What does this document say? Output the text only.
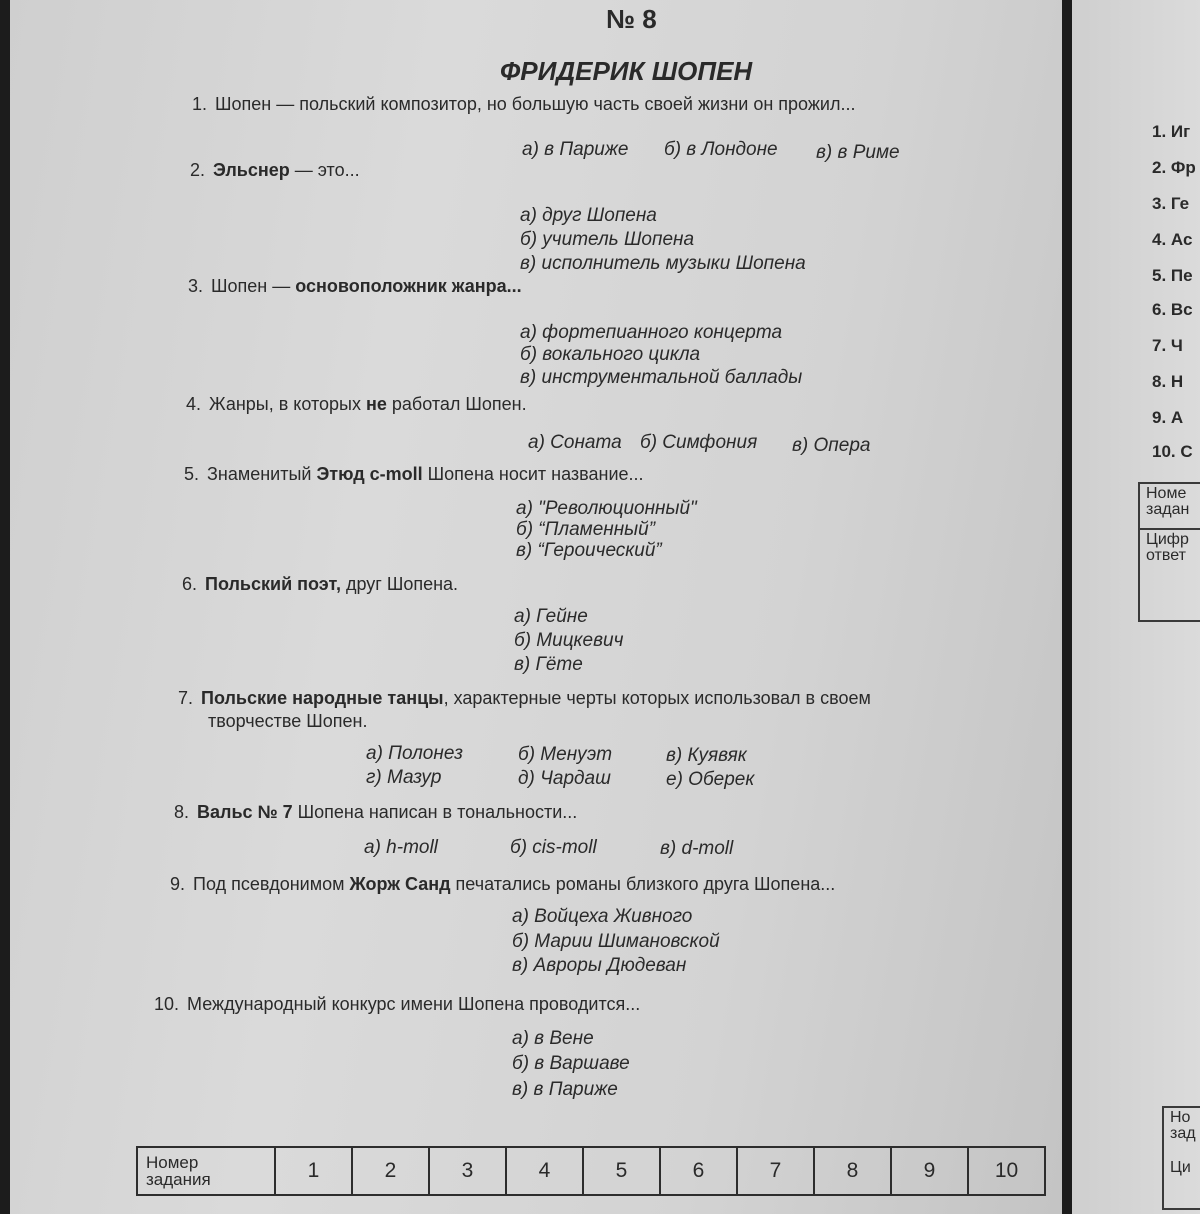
№ 8
ФРИДЕРИК ШОПЕН
1. Шопен — польский композитор, но большую часть своей жизни он прожил...
а) в Париже б) в Лондоне в) в Риме
2. Эльснер — это...
а) друг Шопена
б) учитель Шопена
в) исполнитель музыки Шопена
3. Шопен — основоположник жанра...
а) фортепианного концерта
б) вокального цикла
в) инструментальной баллады
4. Жанры, в которых не работал Шопен.
а) Соната б) Симфония в) Опера
5. Знаменитый Этюд с-moll Шопена носит название...
а) "Революционный"
б) “Пламенный”
в) “Героический”
6. Польский поэт, друг Шопена.
а) Гейне
б) Мицкевич
в) Гёте
7. Польские народные танцы, характерные черты которых использовал в своем
творчестве Шопен.
а) Полонез	б) Менуэт	в) Куявяк
г) Мазур	д) Чардаш	е) Оберек
8. Вальс № 7 Шопена написан в тональности...
а) h-moll	б) cis-moll	в) d-moll
9. Под псевдонимом Жорж Санд печатались романы близкого друга Шопена...
а) Войцеха Живного
б) Марии Шимановской
в) Авроры Дюдеван
10. Международный конкурс имени Шопена проводится...
а) в Вене
б) в Варшаве
в) в Париже
Номер
задания	1	2	3	4	5	6	7	8	9	10
1. Иг
2. Фр
3. Ге
4. Ас
5. Пе
6. Вс
7. Ч
8. Н
9. А
10. С
Номе
задан
Цифр
ответ
Но
зад
Ци
